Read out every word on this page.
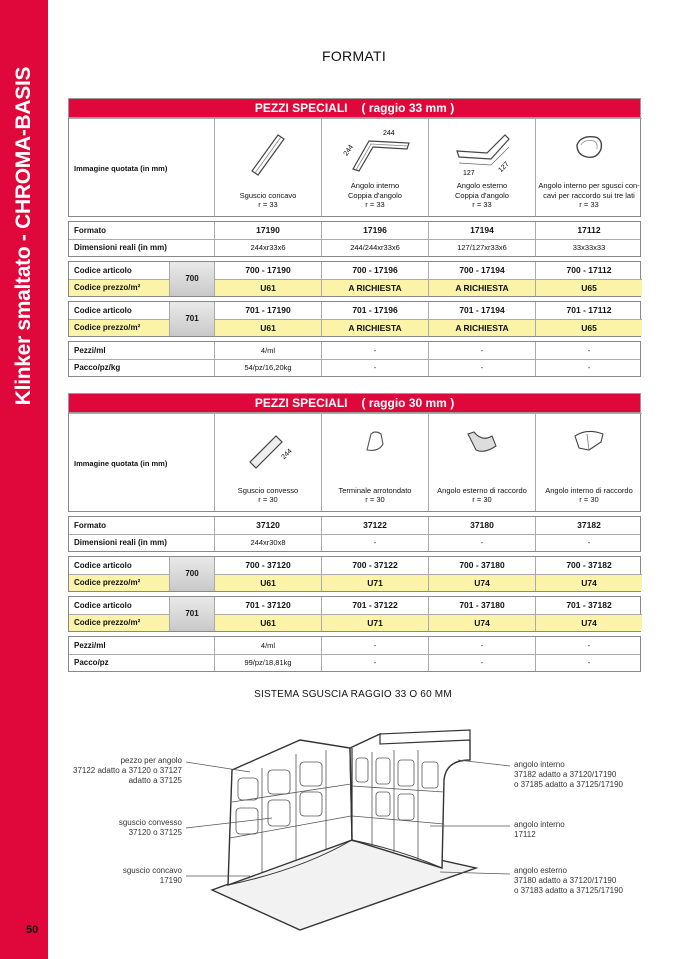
Klinker smaltato - CHROMA-BASIS
50
FORMATI
PEZZI SPECIALI ( raggio 33 mm )
Immagine quotata (in mm)
Sguscio concavo
r = 33
244
244
Angolo interno
Coppia d'angolo
r = 33
127	127
Angolo esterno
Coppia d'angolo
r = 33
Angolo interno per sgusci con-
cavi per raccordo sui tre lati
r = 33
Formato	17190	17196	17194	17112
Dimensioni reali (in mm)	244xr33x6	244/244xr33x6	127/127xr33x6	33x33x33
Codice articolo
700
700 - 17190	700 - 17196	700 - 17194	700 - 17112
Codice prezzo/m²	U61	A RICHIESTA	A RICHIESTA	U65
Codice articolo
701
701 - 17190	701 - 17196	701 - 17194	701 - 17112
Codice prezzo/m²	U61	A RICHIESTA	A RICHIESTA	U65
Pezzi/ml	4/ml	-	-	-
Pacco/pz/kg	54/pz/16,20kg	-	-	-
PEZZI SPECIALI ( raggio 30 mm )
Immagine quotata (in mm)
244
Sguscio convesso
r = 30
Terminale arrotondato
r = 30
Angolo esterno di raccordo
r = 30
Angolo interno di raccordo
r = 30
Formato	37120	37122	37180	37182
Dimensioni reali (in mm)	244xr30x8	-	-	-
Codice articolo
700
700 - 37120	700 - 37122	700 - 37180	700 - 37182
Codice prezzo/m²	U61	U71	U74	U74
Codice articolo
701
701 - 37120	701 - 37122	701 - 37180	701 - 37182
Codice prezzo/m²	U61	U71	U74	U74
Pezzi/ml	4/ml	-	-	-
Pacco/pz	99/pz/18,81kg	-	-	-
SISTEMA SGUSCIA RAGGIO 33 O 60 MM
pezzo per angolo
37122 adatto a 37120 o 37127
adatto a 37125
sguscio convesso
37120 o 37125
sguscio concavo
17190
angolo interno
37182 adatto a 37120/17190
o 37185 adatto a 37125/17190
angolo interno
17112
angolo esterno
37180 adatto a 37120/17190
o 37183 adatto a 37125/17190
